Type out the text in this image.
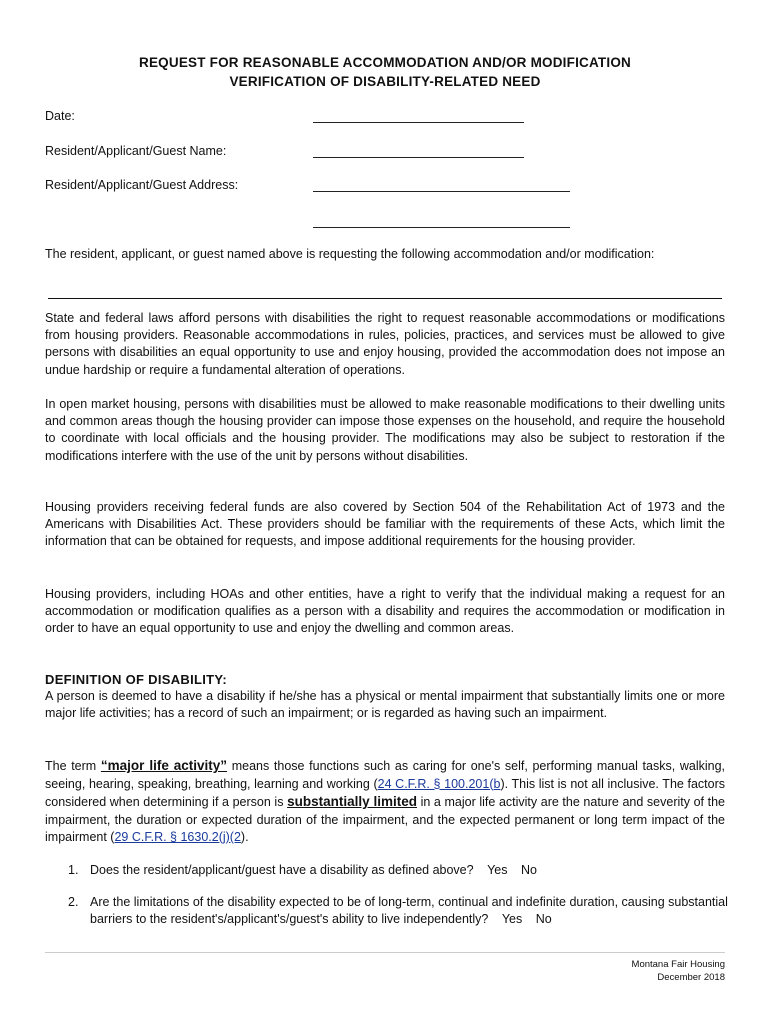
REQUEST FOR REASONABLE ACCOMMODATION AND/OR MODIFICATION
VERIFICATION OF DISABILITY-RELATED NEED
Date:
Resident/Applicant/Guest Name:
Resident/Applicant/Guest Address:
The resident, applicant, or guest named above is requesting the following accommodation and/or modification:
State and federal laws afford persons with disabilities the right to request reasonable accommodations or modifications from housing providers. Reasonable accommodations in rules, policies, practices, and services must be allowed to give persons with disabilities an equal opportunity to use and enjoy housing, provided the accommodation does not impose an undue hardship or require a fundamental alteration of operations.
In open market housing, persons with disabilities must be allowed to make reasonable modifications to their dwelling units and common areas though the housing provider can impose those expenses on the household, and require the household to coordinate with local officials and the housing provider. The modifications may also be subject to restoration if the modifications interfere with the use of the unit by persons without disabilities.
Housing providers receiving federal funds are also covered by Section 504 of the Rehabilitation Act of 1973 and the Americans with Disabilities Act. These providers should be familiar with the requirements of these Acts, which limit the information that can be obtained for requests, and impose additional requirements for the housing provider.
Housing providers, including HOAs and other entities, have a right to verify that the individual making a request for an accommodation or modification qualifies as a person with a disability and requires the accommodation or modification in order to have an equal opportunity to use and enjoy the dwelling and common areas.
DEFINITION OF DISABILITY:
A person is deemed to have a disability if he/she has a physical or mental impairment that substantially limits one or more major life activities; has a record of such an impairment; or is regarded as having such an impairment.
The term “major life activity” means those functions such as caring for one's self, performing manual tasks, walking, seeing, hearing, speaking, breathing, learning and working (24 C.F.R. § 100.201(b). This list is not all inclusive. The factors considered when determining if a person is substantially limited in a major life activity are the nature and severity of the impairment, the duration or expected duration of the impairment, and the expected permanent or long term impact of the impairment (29 C.F.R. § 1630.2(j)(2).
1. Does the resident/applicant/guest have a disability as defined above? Yes No
2. Are the limitations of the disability expected to be of long-term, continual and indefinite duration, causing substantial barriers to the resident's/applicant's/guest's ability to live independently? Yes No
Montana Fair Housing
December 2018
